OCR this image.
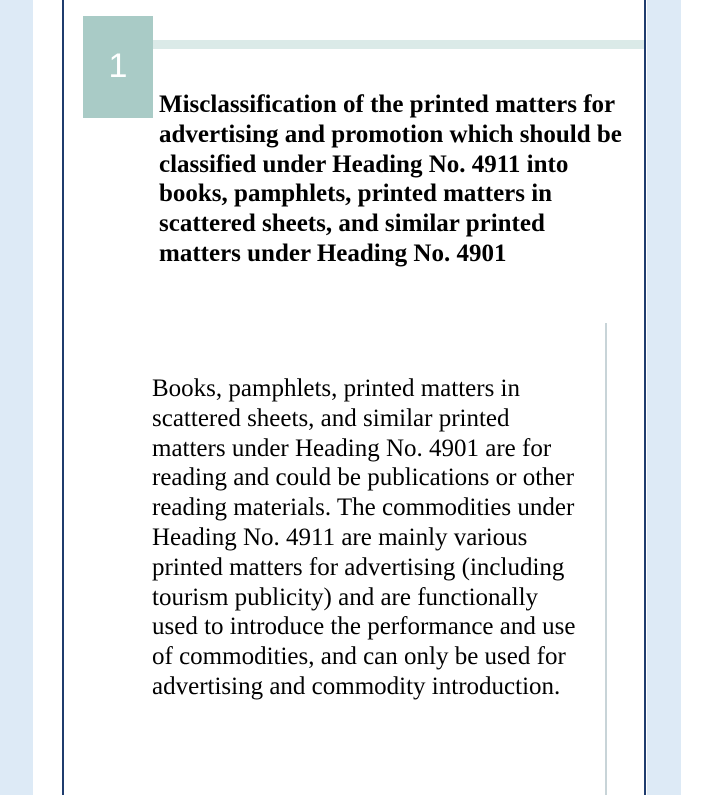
1

Misclassification of the printed matters for advertising and promotion which should be classified under Heading No. 4911 into books, pamphlets, printed matters in scattered sheets, and similar printed matters under Heading No. 4901

Books, pamphlets, printed matters in scattered sheets, and similar printed matters under Heading No. 4901 are for reading and could be publications or other reading materials. The commodities under Heading No. 4911 are mainly various printed matters for advertising (including tourism publicity) and are functionally used to introduce the performance and use of commodities, and can only be used for advertising and commodity introduction.
